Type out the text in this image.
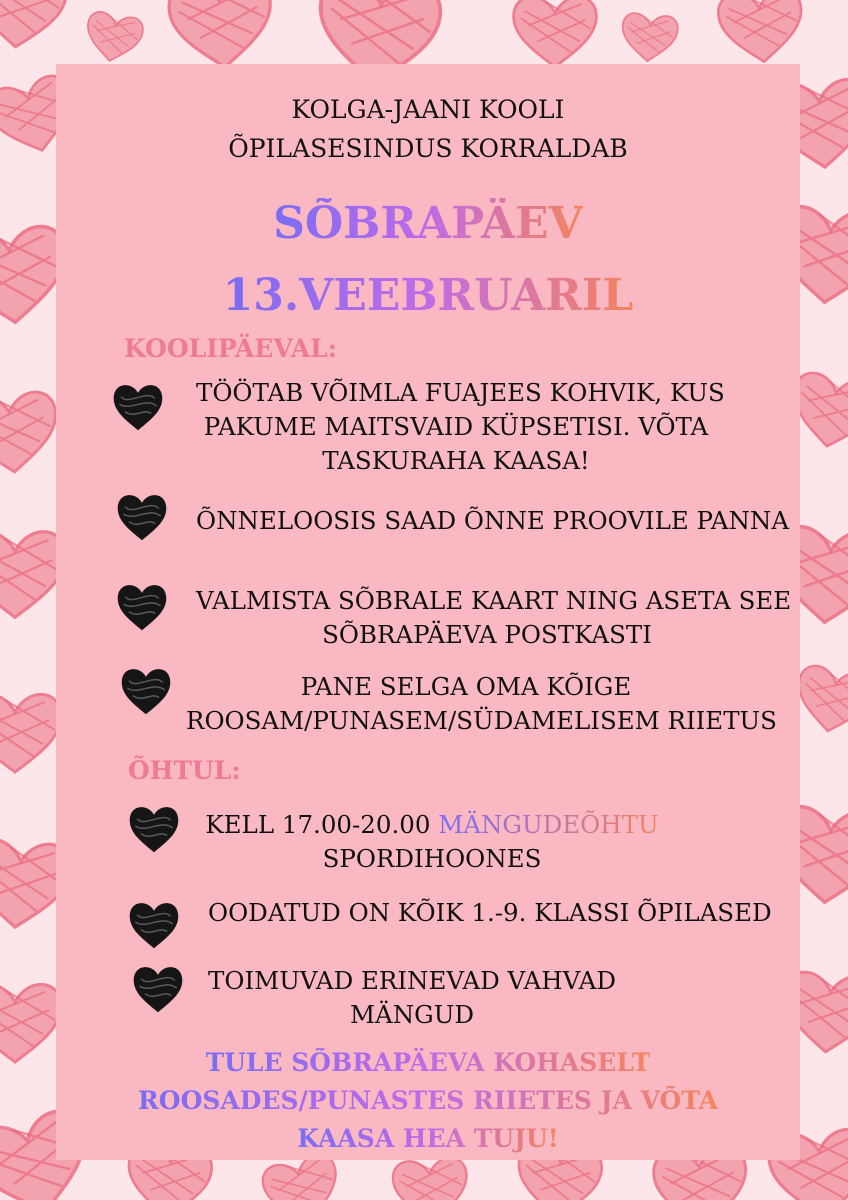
KOLGA-JAANI KOOLI
ÕPILASESINDUS KORRALDAB
SÕBRAPÄEV
13.VEEBRUARIL
KOOLIPÄEVAL:
TÖÖTAB VÕIMLA FUAJEES KOHVIK, KUS
PAKUME MAITSVAID KÜPSETISI. VÕTA
TASKURAHA KAASA!
ÕNNELOOSIS SAAD ÕNNE PROOVILE PANNA
VALMISTA SÕBRALE KAART NING ASETA SEE
SÕBRAPÄEVA POSTKASTI
PANE SELGA OMA KÕIGE
ROOSAM/PUNASEM/SÜDAMELISEM RIIETUS
ÕHTUL:
KELL 17.00-20.00 MÄNGUDEÕHTU
SPORDIHOONES
OODATUD ON KÕIK 1.-9. KLASSI ÕPILASED
TOIMUVAD ERINEVAD VAHVAD
MÄNGUD
TULE SÕBRAPÄEVA KOHASELT
ROOSADES/PUNASTES RIIETES JA VÕTA
KAASA HEA TUJU!
